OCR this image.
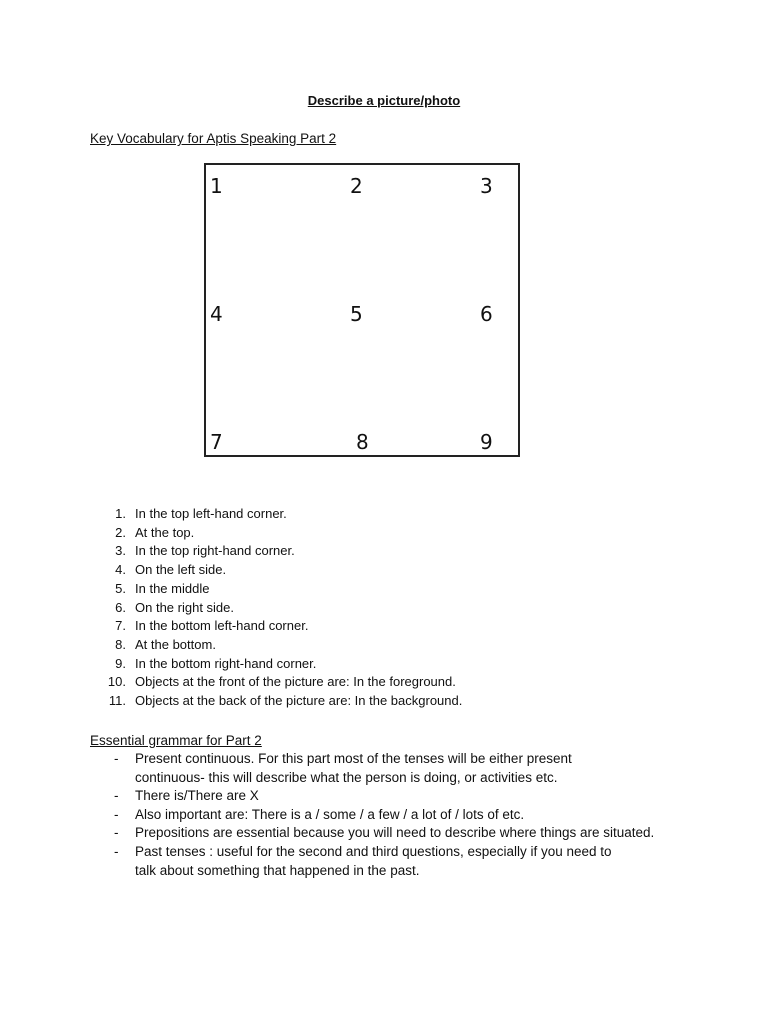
Describe a picture/photo
Key Vocabulary for Aptis Speaking Part 2
1	2	3
4	5	6
7	8	9
1. In the top left-hand corner.
2. At the top.
3. In the top right-hand corner.
4. On the left side.
5. In the middle
6. On the right side.
7. In the bottom left-hand corner.
8. At the bottom.
9. In the bottom right-hand corner.
10. Objects at the front of the picture are: In the foreground.
11. Objects at the back of the picture are: In the background.
Essential grammar for Part 2
- Present continuous. For this part most of the tenses will be either present
continuous- this will describe what the person is doing, or activities etc.
- There is/There are X
- Also important are: There is a / some / a few / a lot of / lots of etc.
- Prepositions are essential because you will need to describe where things are situated.
- Past tenses : useful for the second and third questions, especially if you need to
talk about something that happened in the past.
